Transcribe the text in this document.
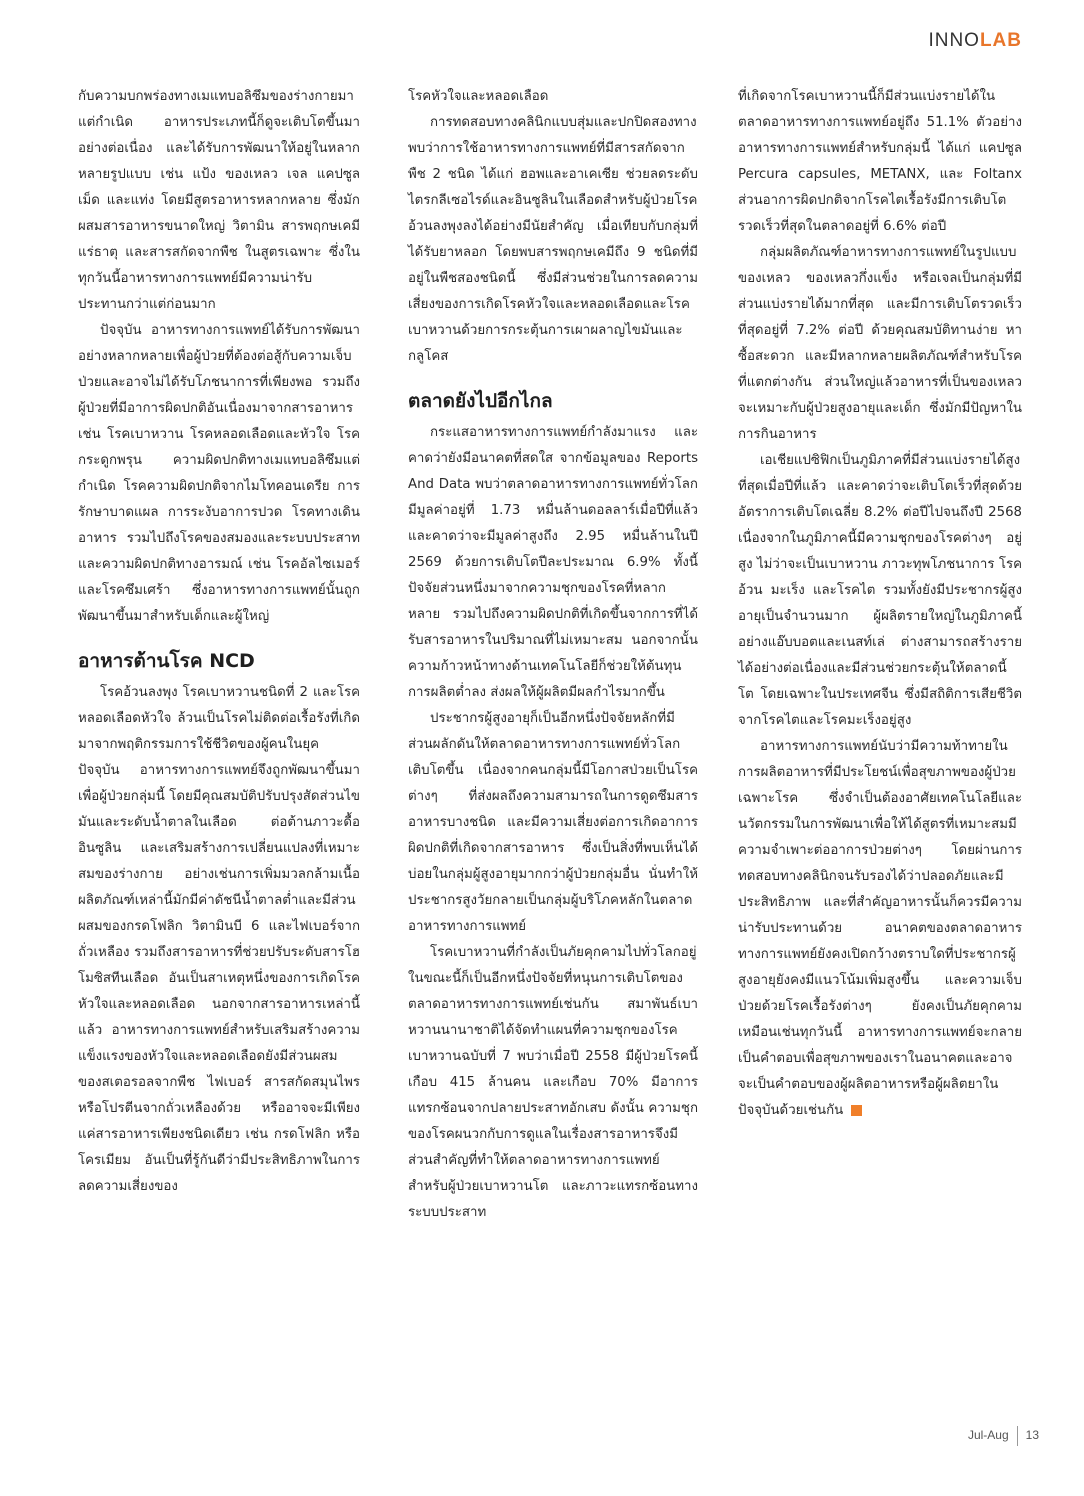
INNOLAB

กับความบกพร่องทางเมแทบอลิซึมของร่างกายมาแต่กำเนิด อาหารประเภทนี้ก็ดูจะเติบโตขึ้นมาอย่างต่อเนื่อง และได้รับการพัฒนาให้อยู่ในหลากหลายรูปแบบ เช่น แป้ง ของเหลว เจล แคปซูล เม็ด และแท่ง โดยมีสูตรอาหารหลากหลาย ซึ่งมักผสมสารอาหารขนาดใหญ่ วิตามิน สารพฤกษเคมี แร่ธาตุ และสารสกัดจากพืช ในสูตรเฉพาะ ซึ่งในทุกวันนี้อาหารทางการแพทย์มีความน่ารับประทานกว่าแต่ก่อนมาก

ปัจจุบัน อาหารทางการแพทย์ได้รับการพัฒนาอย่างหลากหลายเพื่อผู้ป่วยที่ต้องต่อสู้กับความเจ็บป่วยและอาจไม่ได้รับโภชนาการที่เพียงพอ รวมถึงผู้ป่วยที่มีอาการผิดปกติอันเนื่องมาจากสารอาหาร เช่น โรคเบาหวาน โรคหลอดเลือดและหัวใจ โรคกระดูกพรุน ความผิดปกติทางเมแทบอลิซึมแต่กำเนิด โรคความผิดปกติจากไมโทคอนเดรีย การรักษาบาดแผล การระงับอาการปวด โรคทางเดินอาหาร รวมไปถึงโรคของสมองและระบบประสาทและความผิดปกติทางอารมณ์ เช่น โรคอัลไซเมอร์และโรคซึมเศร้า ซึ่งอาหารทางการแพทย์นั้นถูกพัฒนาขึ้นมาสำหรับเด็กและผู้ใหญ่

อาหารต้านโรค NCD

โรคอ้วนลงพุง โรคเบาหวานชนิดที่ 2 และโรคหลอดเลือดหัวใจ ล้วนเป็นโรคไม่ติดต่อเรื้อรังที่เกิดมาจากพฤติกรรมการใช้ชีวิตของผู้คนในยุคปัจจุบัน อาหารทางการแพทย์จึงถูกพัฒนาขึ้นมาเพื่อผู้ป่วยกลุ่มนี้ โดยมีคุณสมบัติปรับปรุงสัดส่วนไขมันและระดับน้ำตาลในเลือด ต่อต้านภาวะดื้ออินซูลิน และเสริมสร้างการเปลี่ยนแปลงที่เหมาะสมของร่างกาย อย่างเช่นการเพิ่มมวลกล้ามเนื้อ ผลิตภัณฑ์เหล่านี้มักมีค่าดัชนีน้ำตาลต่ำและมีส่วนผสมของกรดโฟลิก วิตามินบี 6 และไฟเบอร์จากถั่วเหลือง รวมถึงสารอาหารที่ช่วยปรับระดับสารโฮโมซิสทีนเลือด อันเป็นสาเหตุหนึ่งของการเกิดโรคหัวใจและหลอดเลือด นอกจากสารอาหารเหล่านี้แล้ว อาหารทางการแพทย์สำหรับเสริมสร้างความแข็งแรงของหัวใจและหลอดเลือดยังมีส่วนผสมของสเตอรอลจากพืช ไฟเบอร์ สารสกัดสมุนไพร หรือโปรตีนจากถั่วเหลืองด้วย หรืออาจจะมีเพียงแค่สารอาหารเพียงชนิดเดียว เช่น กรดโฟลิก หรือโครเมียม อันเป็นที่รู้กันดีว่ามีประสิทธิภาพในการลดความเสี่ยงของ

โรคหัวใจและหลอดเลือด

การทดสอบทางคลินิกแบบสุ่มและปกปิดสองทาง พบว่าการใช้อาหารทางการแพทย์ที่มีสารสกัดจากพืช 2 ชนิด ได้แก่ ฮอพและอาเคเซีย ช่วยลดระดับไตรกลีเซอไรด์และอินซูลินในเลือดสำหรับผู้ป่วยโรคอ้วนลงพุงลงได้อย่างมีนัยสำคัญ เมื่อเทียบกับกลุ่มที่ได้รับยาหลอก โดยพบสารพฤกษเคมีถึง 9 ชนิดที่มีอยู่ในพืชสองชนิดนี้ ซึ่งมีส่วนช่วยในการลดความเสี่ยงของการเกิดโรคหัวใจและหลอดเลือดและโรคเบาหวานด้วยการกระตุ้นการเผาผลาญไขมันและกลูโคส

ตลาดยังไปอีกไกล

กระแสอาหารทางการแพทย์กำลังมาแรง และคาดว่ายังมีอนาคตที่สดใส จากข้อมูลของ Reports And Data พบว่าตลาดอาหารทางการแพทย์ทั่วโลกมีมูลค่าอยู่ที่ 1.73 หมื่นล้านดอลลาร์เมื่อปีที่แล้ว และคาดว่าจะมีมูลค่าสูงถึง 2.95 หมื่นล้านในปี 2569 ด้วยการเติบโตปีละประมาณ 6.9% ทั้งนี้ ปัจจัยส่วนหนึ่งมาจากความชุกของโรคที่หลากหลาย รวมไปถึงความผิดปกติที่เกิดขึ้นจากการที่ได้รับสารอาหารในปริมาณที่ไม่เหมาะสม นอกจากนั้น ความก้าวหน้าทางด้านเทคโนโลยีก็ช่วยให้ต้นทุนการผลิตต่ำลง ส่งผลให้ผู้ผลิตมีผลกำไรมากขึ้น

ประชากรผู้สูงอายุก็เป็นอีกหนึ่งปัจจัยหลักที่มีส่วนผลักดันให้ตลาดอาหารทางการแพทย์ทั่วโลกเติบโตขึ้น เนื่องจากคนกลุ่มนี้มีโอกาสป่วยเป็นโรคต่างๆ ที่ส่งผลถึงความสามารถในการดูดซึมสารอาหารบางชนิด และมีความเสี่ยงต่อการเกิดอาการผิดปกติที่เกิดจากสารอาหาร ซึ่งเป็นสิ่งที่พบเห็นได้บ่อยในกลุ่มผู้สูงอายุมากกว่าผู้ป่วยกลุ่มอื่น นั่นทำให้ประชากรสูงวัยกลายเป็นกลุ่มผู้บริโภคหลักในตลาดอาหารทางการแพทย์

โรคเบาหวานที่กำลังเป็นภัยคุกคามไปทั่วโลกอยู่ในขณะนี้ก็เป็นอีกหนึ่งปัจจัยที่หนุนการเติบโตของตลาดอาหารทางการแพทย์เช่นกัน สมาพันธ์เบาหวานนานาชาติได้จัดทำแผนที่ความชุกของโรคเบาหวานฉบับที่ 7 พบว่าเมื่อปี 2558 มีผู้ป่วยโรคนี้เกือบ 415 ล้านคน และเกือบ 70% มีอาการแทรกซ้อนจากปลายประสาทอักเสบ ดังนั้น ความชุกของโรคผนวกกับการดูแลในเรื่องสารอาหารจึงมีส่วนสำคัญที่ทำให้ตลาดอาหารทางการแพทย์สำหรับผู้ป่วยเบาหวานโต และภาวะแทรกซ้อนทางระบบประสาท

ที่เกิดจากโรคเบาหวานนี้ก็มีส่วนแบ่งรายได้ในตลาดอาหารทางการแพทย์อยู่ถึง 51.1% ตัวอย่างอาหารทางการแพทย์สำหรับกลุ่มนี้ ได้แก่ แคปซูล Percura capsules, METANX, และ Foltanx ส่วนอาการผิดปกติจากโรคไตเรื้อรังมีการเติบโตรวดเร็วที่สุดในตลาดอยู่ที่ 6.6% ต่อปี

กลุ่มผลิตภัณฑ์อาหารทางการแพทย์ในรูปแบบของเหลว ของเหลวกึ่งแข็ง หรือเจลเป็นกลุ่มที่มีส่วนแบ่งรายได้มากที่สุด และมีการเติบโตรวดเร็วที่สุดอยู่ที่ 7.2% ต่อปี ด้วยคุณสมบัติทานง่าย หาซื้อสะดวก และมีหลากหลายผลิตภัณฑ์สำหรับโรคที่แตกต่างกัน ส่วนใหญ่แล้วอาหารที่เป็นของเหลวจะเหมาะกับผู้ป่วยสูงอายุและเด็ก ซึ่งมักมีปัญหาในการกินอาหาร

เอเชียแปซิฟิกเป็นภูมิภาคที่มีส่วนแบ่งรายได้สูงที่สุดเมื่อปีที่แล้ว และคาดว่าจะเติบโตเร็วที่สุดด้วยอัตราการเติบโตเฉลี่ย 8.2% ต่อปีไปจนถึงปี 2568 เนื่องจากในภูมิภาคนี้มีความชุกของโรคต่างๆ อยู่สูง ไม่ว่าจะเป็นเบาหวาน ภาวะทุพโภชนาการ โรคอ้วน มะเร็ง และโรคไต รวมทั้งยังมีประชากรผู้สูงอายุเป็นจำนวนมาก ผู้ผลิตรายใหญ่ในภูมิภาคนี้อย่างแอ๊บบอตและเนสท์เล่ ต่างสามารถสร้างรายได้อย่างต่อเนื่องและมีส่วนช่วยกระตุ้นให้ตลาดนี้โต โดยเฉพาะในประเทศจีน ซึ่งมีสถิติการเสียชีวิตจากโรคไตและโรคมะเร็งอยู่สูง

อาหารทางการแพทย์นับว่ามีความท้าทายในการผลิตอาหารที่มีประโยชน์เพื่อสุขภาพของผู้ป่วยเฉพาะโรค ซึ่งจำเป็นต้องอาศัยเทคโนโลยีและนวัตกรรมในการพัฒนาเพื่อให้ได้สูตรที่เหมาะสมมีความจำเพาะต่ออาการป่วยต่างๆ โดยผ่านการทดสอบทางคลินิกจนรับรองได้ว่าปลอดภัยและมีประสิทธิภาพ และที่สำคัญอาหารนั้นก็ควรมีความน่ารับประทานด้วย อนาคตของตลาดอาหารทางการแพทย์ยังคงเปิดกว้างตราบใดที่ประชากรผู้สูงอายุยังคงมีแนวโน้มเพิ่มสูงขึ้น และความเจ็บป่วยด้วยโรคเรื้อรังต่างๆ ยังคงเป็นภัยคุกคามเหมือนเช่นทุกวันนี้ อาหารทางการแพทย์จะกลายเป็นคำตอบเพื่อสุขภาพของเราในอนาคตและอาจจะเป็นคำตอบของผู้ผลิตอาหารหรือผู้ผลิตยาในปัจจุบันด้วยเช่นกัน

Jul-Aug 13
